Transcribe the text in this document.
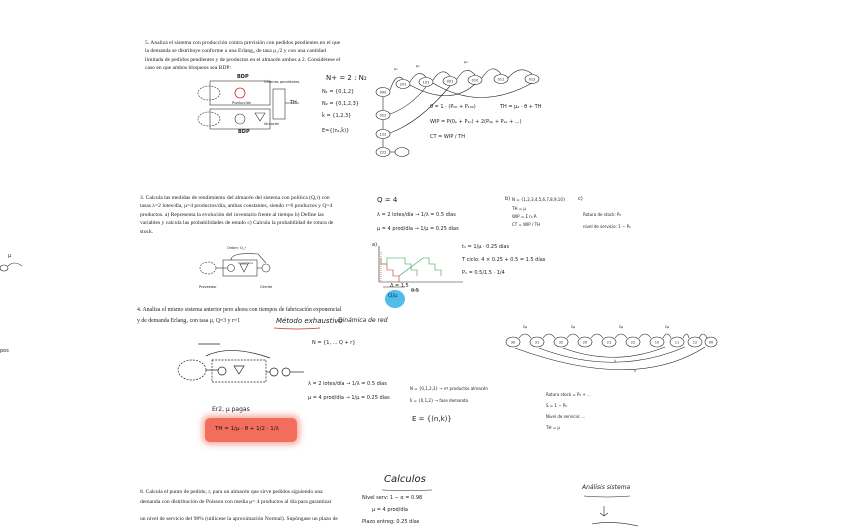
5. Analiza el sistema con producción contra previsión con pedidos pendientes en el que
la demanda se distribuye conforme a una Erlang₂ de tasa μ₁/2 y con una cantidad
limitada de pedidos pendientes y de productos en el almacén ambos a 2. Considérese el
caso en que ambos bloqueos sea BDP:
BDP
BDP
Órdenes pendientes
Producción
Almacén
TH
N+ = 2 : N₂
N₁ = {0,1,2}
N₂ = {0,1,2,3}
k̄ = {1,2,3}
E={(n₁,k̄)}
000
201	101	001	010	011	012
022
122
222
μ₁
μ₂
μ₃
θ = 1 · (P₀₀ + P₁₀₀)	TH = μ₂ · θ + TH
WIP = P(0ₚ + P₁ₚ) + 2(P₂ₚ + P₂ₛ + ...)
CT = WIP / TH
3. Calcula las medidas de rendimiento del almacén del sistema con política (Q,r) con
tasas λ=2 lotes/día, μ=4 productos/día, ambas constantes, siendo r=6 productos y Q=4
productos. a) Representa la evolución del inventario frente al tiempo b) Define las
variables y calcula las probabilidades de estado c) Calcula la probabilidad de rotura de
stock.
Orden: Q_r
Inventario
Proveedor	Cliente
Q = 4
λ = 2 lotes/día → 1/λ = 0.5 días
μ = 4 prod/día → 1/μ = 0.25 días
a)
Δ = 1.5
0.5
Q/μ
t₁ = 1/μ · 0.25 días
T ciclo: 4 × 0.25 + 0.5 = 1.5 días
P₁ = 0.5/1.5 · 1/4
b) N = {1,2,3,4,5,6,7,8,9,10}
TH = μ
WIP = Σ nᵢ Pᵢ
CT = WIP / TH
c)
Rotura de stock: P₀
nivel de servicio: 1 − P₀
4. Analiza el mismo sistema anterior pero ahora con tiempos de fabricación exponencial
y de demanda Erlang₂ con tasa μ, Q=3 y r=1	Método exhaustivo
Dinámica de red
N = {1, ... Q + r}
Er2, μ pagas
TH = 1/μ · θ + 1/2 · 1/λ
λ = 2 lotes/día → 1/λ = 0.5 días
μ = 4 prod/día → 1/μ = 0.25 días
N = {0,1,2,3} → nº productos almacén
k̄ = {0,1,2} → fase demanda
E = {(n,k)}
30	31	32	20	21	22	10	11	12	00
2μ	2μ	2μ	2μ
λ
λ
Rotura stock = P₀ + ...
S = 1 − P₀
Nivel de servicio: ...
TH = μ
8. Calcula el punto de pedido, r, para un almacén que sirve pedidos siguiendo una
demanda con distribución de Poisson con media μ= 4 productos al día para garantizar
un nivel de servicio del 98% (utilícese la aproximación Normal). Supóngase un plazo de
Calculos
Nivel serv: 1 − α = 0.98
μ = 4 prod/día
Plazo entreg: 0.25 días
Análisis sistema
μ
pos
